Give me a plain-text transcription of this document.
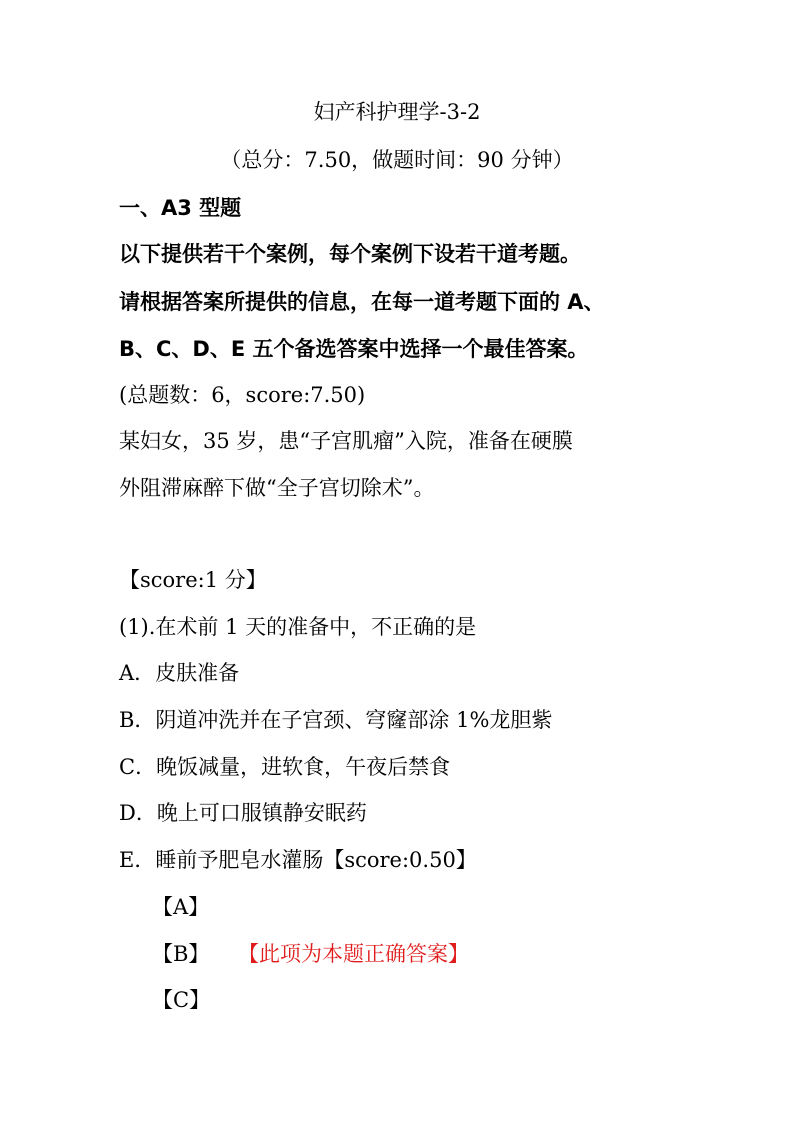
妇产科护理学-3-2
（总分：7.50，做题时间：90 分钟）
一、A3 型题
以下提供若干个案例，每个案例下设若干道考题。
请根据答案所提供的信息，在每一道考题下面的 A、
B、C、D、E 五个备选答案中选择一个最佳答案。
(总题数：6，score:7.50)
某妇女，35 岁，患“子宫肌瘤”入院，准备在硬膜
外阻滞麻醉下做“全子宫切除术”。
【score:1 分】
(1).在术前 1 天的准备中，不正确的是
A．皮肤准备
B．阴道冲洗并在子宫颈、穹窿部涂 1%龙胆紫
C．晚饭减量，进软食，午夜后禁食
D．晚上可口服镇静安眠药
E．睡前予肥皂水灌肠【score:0.50】
【A】
【B】 【此项为本题正确答案】
【C】
